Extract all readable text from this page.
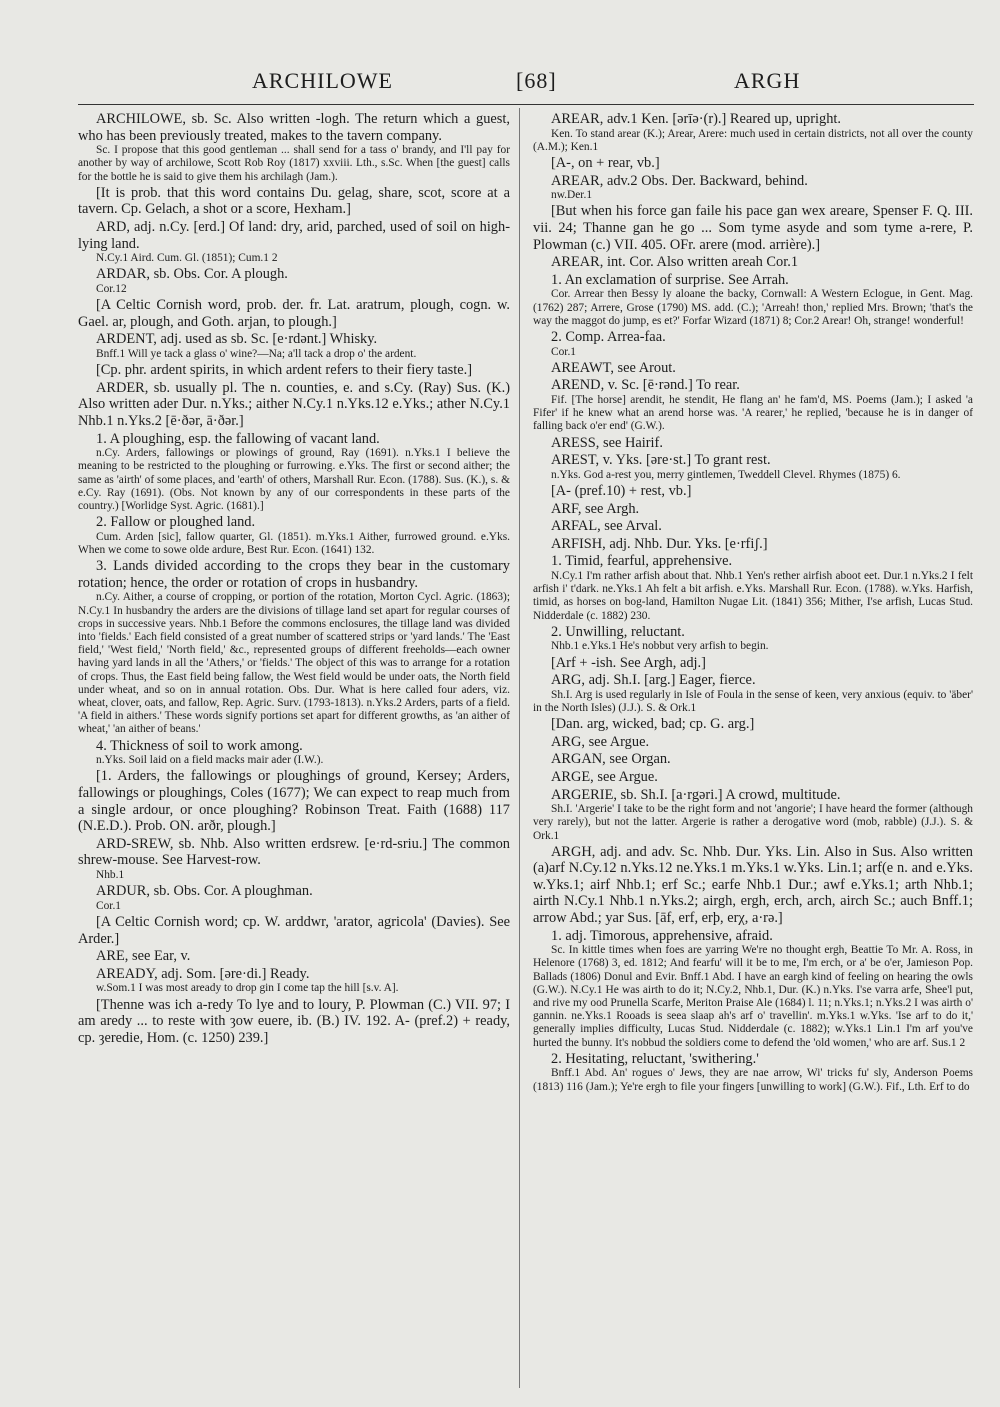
ARCHILOWE	[68]	ARGH

ARCHILOWE, sb. Sc. Also written -logh. The return which a guest, who has been previously treated, makes to the tavern company.

Sc. I propose that this good gentleman ... shall send for a tass o' brandy, and I'll pay for another by way of archilowe, Scott Rob Roy (1817) xxviii. Lth., s.Sc. When [the guest] calls for the bottle he is said to give them his archilagh (Jam.).

[It is prob. that this word contains Du. gelag, share, scot, score at a tavern. Cp. Gelach, a shot or a score, Hexham.]

ARD, adj. n.Cy. [erd.] Of land: dry, arid, parched, used of soil on high-lying land.

N.Cy.1 Aird. Cum. Gl. (1851); Cum.1 2

ARDAR, sb. Obs. Cor. A plough.

Cor.12

[A Celtic Cornish word, prob. der. fr. Lat. aratrum, plough, cogn. w. Gael. ar, plough, and Goth. arjan, to plough.]

ARDENT, adj. used as sb. Sc. [e·rdənt.] Whisky.

Bnff.1 Will ye tack a glass o' wine?—Na; a'll tack a drop o' the ardent.

[Cp. phr. ardent spirits, in which ardent refers to their fiery taste.]

ARDER, sb. usually pl. The n. counties, e. and s.Cy. (Ray) Sus. (K.) Also written ader Dur. n.Yks.; aither N.Cy.1 n.Yks.12 e.Yks.; ather N.Cy.1 Nhb.1 n.Yks.2 [ē·ðər, ā·ðər.]

1. A ploughing, esp. the fallowing of vacant land.

n.Cy. Arders, fallowings or plowings of ground, Ray (1691). n.Yks.1 I believe the meaning to be restricted to the ploughing or furrowing. e.Yks. The first or second aither; the same as 'airth' of some places, and 'earth' of others, Marshall Rur. Econ. (1788). Sus. (K.), s. & e.Cy. Ray (1691). (Obs. Not known by any of our correspondents in these parts of the country.) [Worlidge Syst. Agric. (1681).]

2. Fallow or ploughed land.

Cum. Arden [sic], fallow quarter, Gl. (1851). m.Yks.1 Aither, furrowed ground. e.Yks. When we come to sowe olde ardure, Best Rur. Econ. (1641) 132.

3. Lands divided according to the crops they bear in the customary rotation; hence, the order or rotation of crops in husbandry.

n.Cy. Aither, a course of cropping, or portion of the rotation, Morton Cycl. Agric. (1863); N.Cy.1 In husbandry the arders are the divisions of tillage land set apart for regular courses of crops in successive years. Nhb.1 Before the commons enclosures, the tillage land was divided into 'fields.' Each field consisted of a great number of scattered strips or 'yard lands.' The 'East field,' 'West field,' 'North field,' &c., represented groups of different freeholds—each owner having yard lands in all the 'Athers,' or 'fields.' The object of this was to arrange for a rotation of crops. Thus, the East field being fallow, the West field would be under oats, the North field under wheat, and so on in annual rotation. Obs. Dur. What is here called four aders, viz. wheat, clover, oats, and fallow, Rep. Agric. Surv. (1793-1813). n.Yks.2 Arders, parts of a field. 'A field in aithers.' These words signify portions set apart for different growths, as 'an aither of wheat,' 'an aither of beans.'

4. Thickness of soil to work among.

n.Yks. Soil laid on a field macks mair ader (I.W.).

[1. Arders, the fallowings or ploughings of ground, Kersey; Arders, fallowings or ploughings, Coles (1677); We can expect to reap much from a single ardour, or once ploughing? Robinson Treat. Faith (1688) 117 (N.E.D.). Prob. ON. arðr, plough.]

ARD-SREW, sb. Nhb. Also written erdsrew. [e·rd-sriu.] The common shrew-mouse. See Harvest-row.

Nhb.1

ARDUR, sb. Obs. Cor. A ploughman.

Cor.1

[A Celtic Cornish word; cp. W. arddwr, 'arator, agricola' (Davies). See Arder.]

ARE, see Ear, v.

AREADY, adj. Som. [əre·di.] Ready.

w.Som.1 I was most aready to drop gin I come tap the hill [s.v. A].

[Thenne was ich a-redy To lye and to loury, P. Plowman (C.) VII. 97; I am aredy ... to reste with ȝow euere, ib. (B.) IV. 192. A- (pref.2) + ready, cp. ȝeredie, Hom. (c. 1250) 239.]

AREAR, adv.1 Ken. [ərīə·(r).] Reared up, upright.

Ken. To stand arear (K.); Arear, Arere: much used in certain districts, not all over the county (A.M.); Ken.1

[A-, on + rear, vb.]

AREAR, adv.2 Obs. Der. Backward, behind.

nw.Der.1

[But when his force gan faile his pace gan wex areare, Spenser F. Q. III. vii. 24; Thanne gan he go ... Som tyme asyde and som tyme a-rere, P. Plowman (c.) VII. 405. OFr. arere (mod. arrière).]

AREAR, int. Cor. Also written areah Cor.1

1. An exclamation of surprise. See Arrah.

Cor. Arrear then Bessy ly aloane the backy, Cornwall: A Western Eclogue, in Gent. Mag. (1762) 287; Arrere, Grose (1790) MS. add. (C.); 'Arreah! thon,' replied Mrs. Brown; 'that's the way the maggot do jump, es et?' Forfar Wizard (1871) 8; Cor.2 Arear! Oh, strange! wonderful!

2. Comp. Arrea-faa.

Cor.1

AREAWT, see Arout.

AREND, v. Sc. [ē·rənd.] To rear.

Fif. [The horse] arendit, he stendit, He flang an' he fam'd, MS. Poems (Jam.); I asked 'a Fifer' if he knew what an arend horse was. 'A rearer,' he replied, 'because he is in danger of falling back o'er end' (G.W.).

ARESS, see Hairif.

AREST, v. Yks. [əre·st.] To grant rest.

n.Yks. God a-rest you, merry gintlemen, Tweddell Clevel. Rhymes (1875) 6.

[A- (pref.10) + rest, vb.]

ARF, see Argh.

ARFAL, see Arval.

ARFISH, adj. Nhb. Dur. Yks. [e·rfiʃ.]

1. Timid, fearful, apprehensive.

N.Cy.1 I'm rather arfish about that. Nhb.1 Yen's rether airfish aboot eet. Dur.1 n.Yks.2 I felt arfish i' t'dark. ne.Yks.1 Ah felt a bit arfish. e.Yks. Marshall Rur. Econ. (1788). w.Yks. Harfish, timid, as horses on bog-land, Hamilton Nugae Lit. (1841) 356; Mither, I'se arfish, Lucas Stud. Nidderdale (c. 1882) 230.

2. Unwilling, reluctant.

Nhb.1 e.Yks.1 He's nobbut very arfish to begin.

[Arf + -ish. See Argh, adj.]

ARG, adj. Sh.I. [arg.] Eager, fierce.

Sh.I. Arg is used regularly in Isle of Foula in the sense of keen, very anxious (equiv. to 'äber' in the North Isles) (J.J.). S. & Ork.1

[Dan. arg, wicked, bad; cp. G. arg.]

ARG, see Argue.

ARGAN, see Organ.

ARGE, see Argue.

ARGERIE, sb. Sh.I. [a·rgəri.] A crowd, multitude.

Sh.I. 'Argerie' I take to be the right form and not 'angorie'; I have heard the former (although very rarely), but not the latter. Argerie is rather a derogative word (mob, rabble) (J.J.). S. & Ork.1

ARGH, adj. and adv. Sc. Nhb. Dur. Yks. Lin. Also in Sus. Also written (a)arf N.Cy.12 n.Yks.12 ne.Yks.1 m.Yks.1 w.Yks. Lin.1; arf(e n. and e.Yks. w.Yks.1; airf Nhb.1; erf Sc.; earfe Nhb.1 Dur.; awf e.Yks.1; arth Nhb.1; airth N.Cy.1 Nhb.1 n.Yks.2; airgh, ergh, erch, arch, airch Sc.; auch Bnff.1; arrow Abd.; yar Sus. [āf, erf, erþ, erχ, a·rə.]

1. adj. Timorous, apprehensive, afraid.

Sc. In kittle times when foes are yarring We're no thought ergh, Beattie To Mr. A. Ross, in Helenore (1768) 3, ed. 1812; And fearfu' will it be to me, I'm erch, or a' be o'er, Jamieson Pop. Ballads (1806) Donul and Evir. Bnff.1 Abd. I have an eargh kind of feeling on hearing the owls (G.W.). N.Cy.1 He was airth to do it; N.Cy.2, Nhb.1, Dur. (K.) n.Yks. I'se varra arfe, Shee'l put, and rive my ood Prunella Scarfe, Meriton Praise Ale (1684) l. 11; n.Yks.1; n.Yks.2 I was airth o' gannin. ne.Yks.1 Rooads is seea slaap ah's arf o' travellin'. m.Yks.1 w.Yks. 'Ise arf to do it,' generally implies difficulty, Lucas Stud. Nidderdale (c. 1882); w.Yks.1 Lin.1 I'm arf you've hurted the bunny. It's nobbud the soldiers come to defend the 'old women,' who are arf. Sus.1 2

2. Hesitating, reluctant, 'swithering.'

Bnff.1 Abd. An' rogues o' Jews, they are nae arrow, Wi' tricks fu' sly, Anderson Poems (1813) 116 (Jam.); Ye're ergh to file your fingers [unwilling to work] (G.W.). Fif., Lth. Erf to do
